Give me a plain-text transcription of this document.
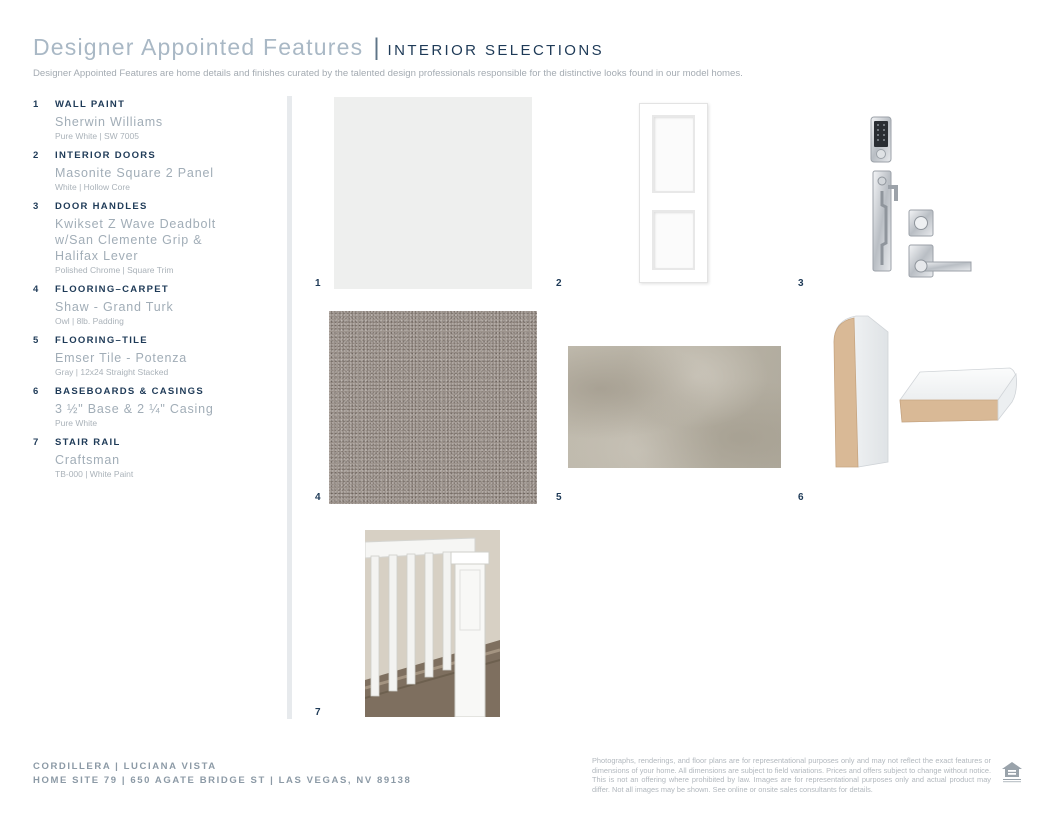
Designer Appointed Features | INTERIOR SELECTIONS
Designer Appointed Features are home details and finishes curated by the talented design professionals responsible for the distinctive looks found in our model homes.
1	WALL PAINT
Sherwin Williams
Pure White | SW 7005
2	INTERIOR DOORS
Masonite Square 2 Panel
White | Hollow Core
3	DOOR HANDLES
Kwikset Z Wave Deadbolt w/San Clemente Grip & Halifax Lever
Polished Chrome | Square Trim
4	FLOORING–CARPET
Shaw - Grand Turk
Owl | 8lb. Padding
5	FLOORING–TILE
Emser Tile - Potenza
Gray | 12x24 Straight Stacked
6	BASEBOARDS & CASINGS
3 ½" Base & 2 ¼" Casing
Pure White
7	STAIR RAIL
Craftsman
TB-000 | White Paint
1	2	3
4	5	6
7
CORDILLERA | LUCIANA VISTA
HOME SITE 79 | 650 AGATE BRIDGE ST | LAS VEGAS, NV 89138
Photographs, renderings, and floor plans are for representational purposes only and may not reflect the exact features or dimensions of your home. All dimensions are subject to field variations. Prices and offers subject to change without notice. This is not an offering where prohibited by law. Images are for representational purposes only and actual product may differ. Not all images may be shown. See online or onsite sales consultants for details.
